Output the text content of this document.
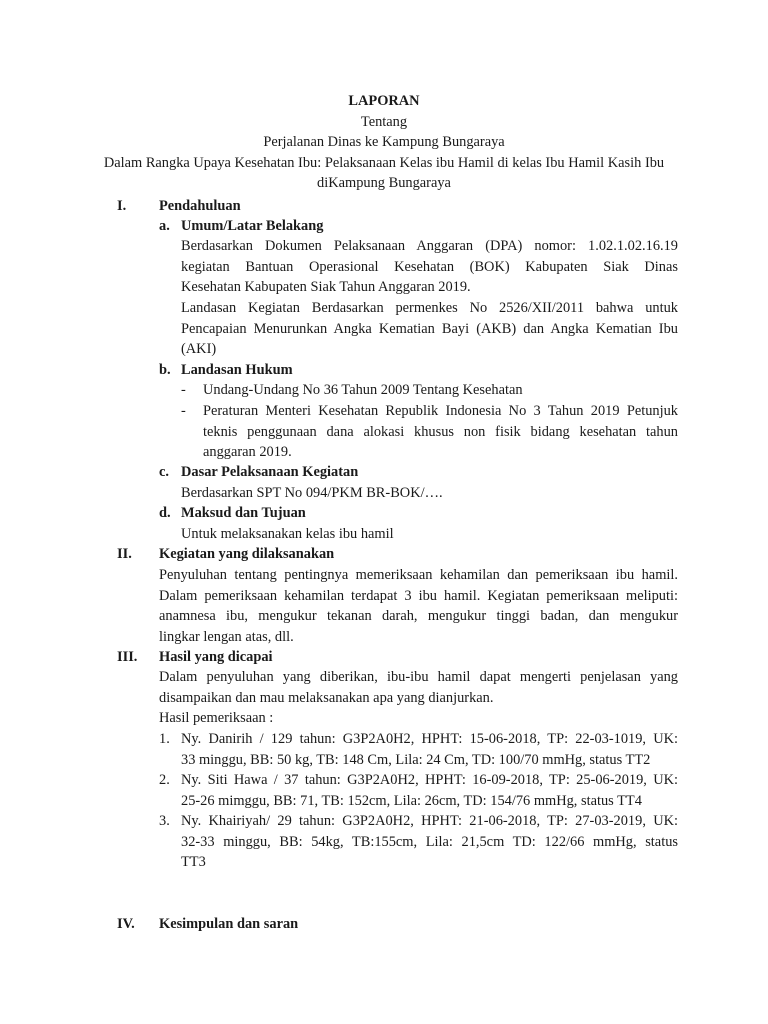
LAPORAN
Tentang
Perjalanan Dinas ke Kampung Bungaraya
Dalam Rangka Upaya Kesehatan Ibu: Pelaksanaan Kelas ibu Hamil di kelas Ibu Hamil Kasih Ibu
diKampung Bungaraya
I. Pendahuluan
a. Umum/Latar Belakang
Berdasarkan Dokumen Pelaksanaan Anggaran (DPA) nomor: 1.02.1.02.16.19
kegiatan Bantuan Operasional Kesehatan (BOK) Kabupaten Siak Dinas
Kesehatan Kabupaten Siak Tahun Anggaran 2019.
Landasan Kegiatan Berdasarkan permenkes No 2526/XII/2011 bahwa untuk
Pencapaian Menurunkan Angka Kematian Bayi (AKB) dan Angka Kematian Ibu
(AKI)
b. Landasan Hukum
- Undang-Undang No 36 Tahun 2009 Tentang Kesehatan
- Peraturan Menteri Kesehatan Republik Indonesia No 3 Tahun 2019 Petunjuk
teknis penggunaan dana alokasi khusus non fisik bidang kesehatan tahun
anggaran 2019.
c. Dasar Pelaksanaan Kegiatan
Berdasarkan SPT No 094/PKM BR-BOK/….
d. Maksud dan Tujuan
Untuk melaksanakan kelas ibu hamil
II. Kegiatan yang dilaksanakan
Penyuluhan tentang pentingnya memeriksaan kehamilan dan pemeriksaan ibu hamil.
Dalam pemeriksaan kehamilan terdapat 3 ibu hamil. Kegiatan pemeriksaan meliputi:
anamnesa ibu, mengukur tekanan darah, mengukur tinggi badan, dan mengukur
lingkar lengan atas, dll.
III. Hasil yang dicapai
Dalam penyuluhan yang diberikan, ibu-ibu hamil dapat mengerti penjelasan yang
disampaikan dan mau melaksanakan apa yang dianjurkan.
Hasil pemeriksaan :
1. Ny. Danirih / 129 tahun: G3P2A0H2, HPHT: 15-06-2018, TP: 22-03-1019, UK:
33 minggu, BB: 50 kg, TB: 148 Cm, Lila: 24 Cm, TD: 100/70 mmHg, status TT2
2. Ny. Siti Hawa / 37 tahun: G3P2A0H2, HPHT: 16-09-2018, TP: 25-06-2019, UK:
25-26 mimggu, BB: 71, TB: 152cm, Lila: 26cm, TD: 154/76 mmHg, status TT4
3. Ny. Khairiyah/ 29 tahun: G3P2A0H2, HPHT: 21-06-2018, TP: 27-03-2019, UK:
32-33 minggu, BB: 54kg, TB:155cm, Lila: 21,5cm TD: 122/66 mmHg, status
TT3
IV. Kesimpulan dan saran
